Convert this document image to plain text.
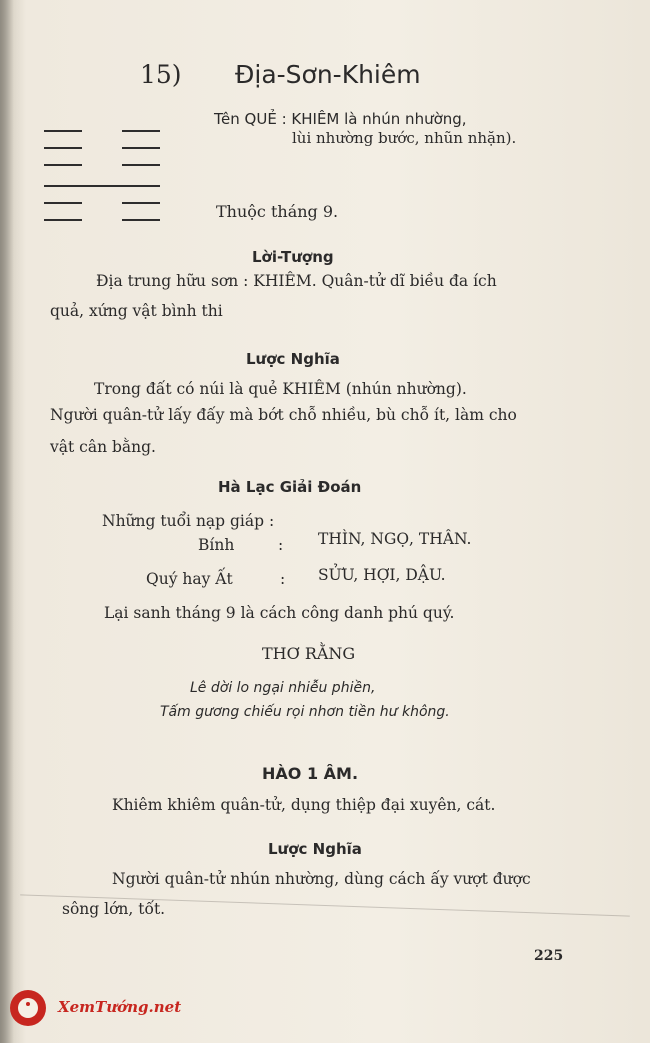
15) Địa-Sơn-Khiêm
Tên QUẺ : KHIÊM là nhún nhường,
lùi nhường bước, nhũn nhặn).
Thuộc tháng 9.
Lời-Tượng
Địa trung hữu sơn : KHIÊM. Quân-tử dĩ biều đa ích
quả, xứng vật bình thi
Lược Nghĩa
Trong đất có núi là quẻ KHIÊM (nhún nhường).
Người quân-tử lấy đấy mà bớt chỗ nhiều, bù chỗ ít, làm cho
vật cân bằng.
Hà Lạc Giải Đoán
Những tuổi nạp giáp :
Bính	: THÌN, NGỌ, THÂN.
Quý hay Ất	: SỬU, HỢI, DẬU.
Lại sanh tháng 9 là cách công danh phú quý.
THƠ RẰNG
Lê dời lo ngại nhiễu phiền,
Tấm gương chiếu rọi nhơn tiền hư không.
HÀO 1 ÂM.
Khiêm khiêm quân-tử, dụng thiệp đại xuyên, cát.
Lược Nghĩa
Người quân-tử nhún nhường, dùng cách ấy vượt được
sông lớn, tốt.
225
XemTướng.net
